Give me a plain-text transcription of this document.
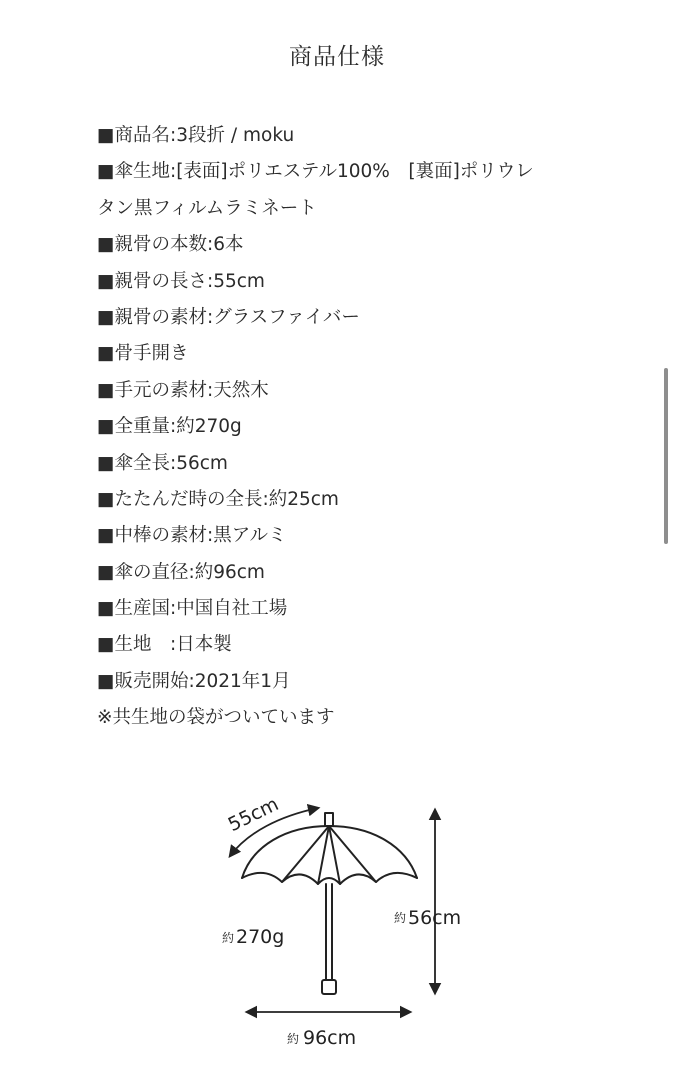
商品仕様
■商品名:3段折 / moku
■傘生地:[表面]ポリエステル100%　[裏面]ポリウレ
タン黒フィルムラミネート
■親骨の本数:6本
■親骨の長さ:55cm
■親骨の素材:グラスファイバー
■骨手開き
■手元の素材:天然木
■全重量:約270g
■傘全長:56cm
■たたんだ時の全長:約25cm
■中棒の素材:黒アルミ
■傘の直径:約96cm
■生産国:中国自社工場
■生地　:日本製
■販売開始:2021年1月
※共生地の袋がついています
55cm
約 56cm
約 270g
約 96cm
